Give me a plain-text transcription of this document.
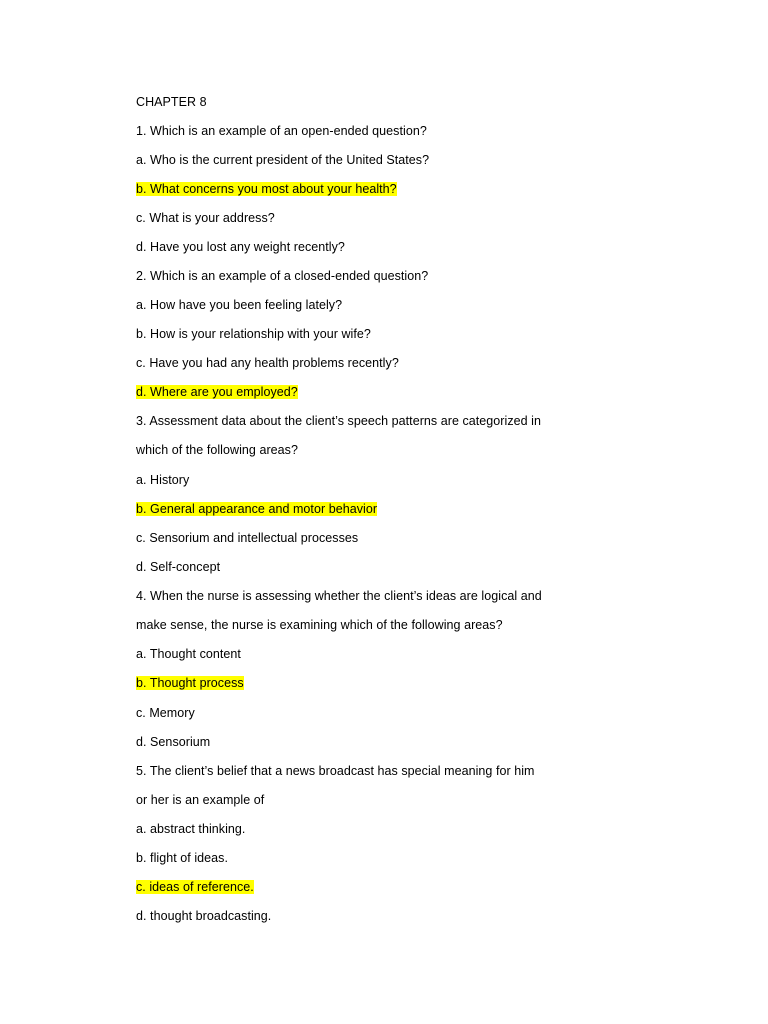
CHAPTER 8
1. Which is an example of an open-ended question?
a. Who is the current president of the United States?
b. What concerns you most about your health?
c. What is your address?
d. Have you lost any weight recently?
2. Which is an example of a closed-ended question?
a. How have you been feeling lately?
b. How is your relationship with your wife?
c. Have you had any health problems recently?
d. Where are you employed?
3. Assessment data about the client’s speech patterns are categorized in
which of the following areas?
a. History
b. General appearance and motor behavior
c. Sensorium and intellectual processes
d. Self-concept
4. When the nurse is assessing whether the client’s ideas are logical and
make sense, the nurse is examining which of the following areas?
a. Thought content
b. Thought process
c. Memory
d. Sensorium
5. The client’s belief that a news broadcast has special meaning for him
or her is an example of
a. abstract thinking.
b. flight of ideas.
c. ideas of reference.
d. thought broadcasting.
